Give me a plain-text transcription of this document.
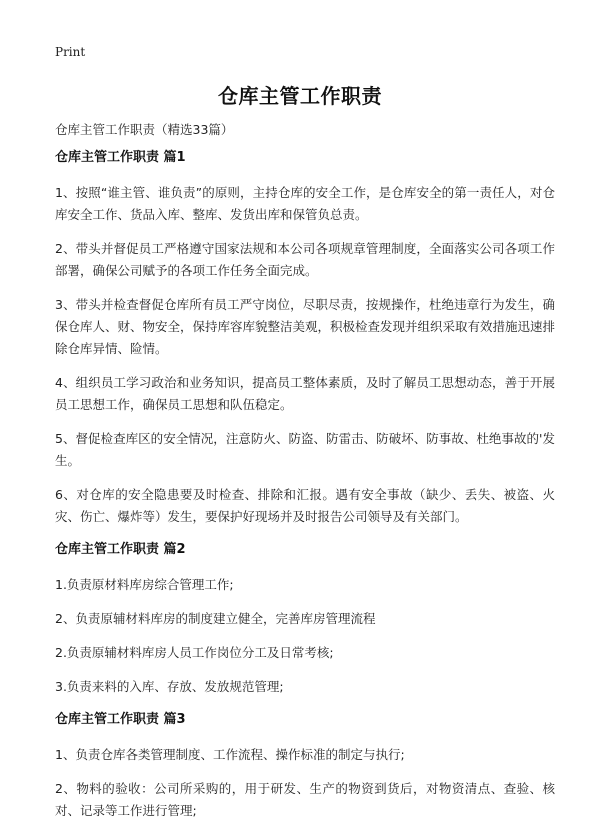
Print
仓库主管工作职责
仓库主管工作职责（精选33篇）
仓库主管工作职责 篇1

1、按照“谁主管、谁负责”的原则，主持仓库的安全工作，是仓库安全的第一责任人，对仓库安全工作、货品入库、整库、发货出库和保管负总责。

2、带头并督促员工严格遵守国家法规和本公司各项规章管理制度，全面落实公司各项工作部署，确保公司赋予的各项工作任务全面完成。

3、带头并检查督促仓库所有员工严守岗位，尽职尽责，按规操作，杜绝违章行为发生，确保仓库人、财、物安全，保持库容库貌整洁美观，积极检查发现并组织采取有效措施迅速排除仓库异情、险情。

4、组织员工学习政治和业务知识，提高员工整体素质，及时了解员工思想动态，善于开展员工思想工作，确保员工思想和队伍稳定。

5、督促检查库区的安全情况，注意防火、防盗、防雷击、防破坏、防事故、杜绝事故的'发生。

6、对仓库的安全隐患要及时检查、排除和汇报。遇有安全事故（缺少、丢失、被盗、火灾、伤亡、爆炸等）发生，要保护好现场并及时报告公司领导及有关部门。

仓库主管工作职责 篇2

1.负责原材料库房综合管理工作;

2、负责原辅材料库房的制度建立健全，完善库房管理流程

2.负责原辅材料库房人员工作岗位分工及日常考核;

3.负责来料的入库、存放、发放规范管理;

仓库主管工作职责 篇3

1、负责仓库各类管理制度、工作流程、操作标准的制定与执行;

2、物料的验收：公司所采购的，用于研发、生产的物资到货后，对物资清点、查验、核对、记录等工作进行管理;
